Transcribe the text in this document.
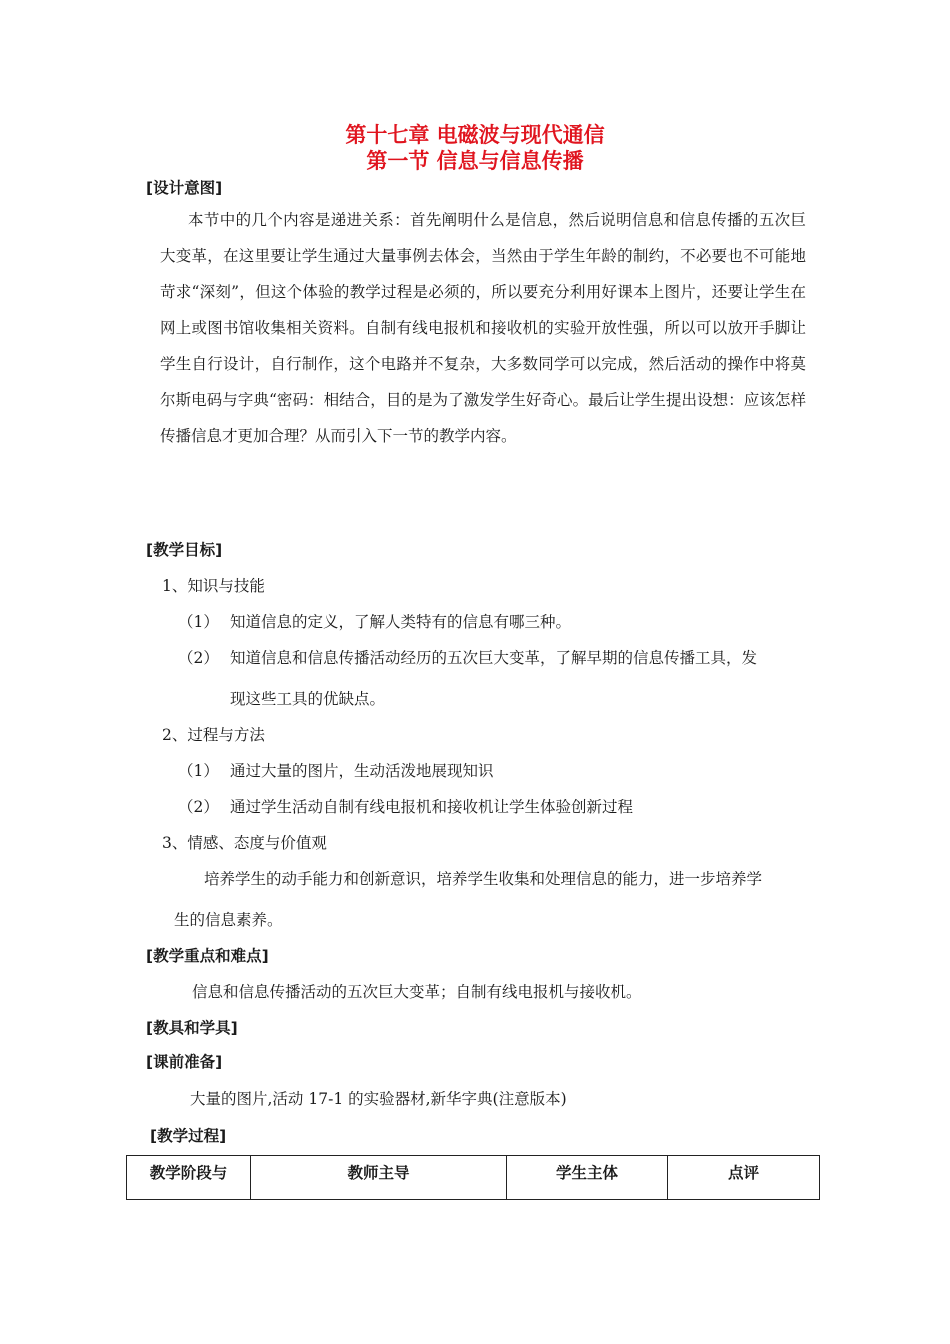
第十七章 电磁波与现代通信
第一节 信息与信息传播
[设计意图]
本节中的几个内容是递进关系：首先阐明什么是信息，然后说明信息和信息传播的五次巨大变革，在这里要让学生通过大量事例去体会，当然由于学生年龄的制约，不必要也不可能地苛求“深刻”，但这个体验的教学过程是必须的，所以要充分利用好课本上图片，还要让学生在网上或图书馆收集相关资料。自制有线电报机和接收机的实验开放性强，所以可以放开手脚让学生自行设计，自行制作，这个电路并不复杂，大多数同学可以完成，然后活动的操作中将莫尔斯电码与字典“密码：相结合，目的是为了激发学生好奇心。最后让学生提出设想：应该怎样传播信息才更加合理？从而引入下一节的教学内容。
[教学目标]
1、知识与技能
（1） 知道信息的定义，了解人类特有的信息有哪三种。
（2） 知道信息和信息传播活动经历的五次巨大变革，了解早期的信息传播工具，发
现这些工具的优缺点。
2、过程与方法
（1） 通过大量的图片，生动活泼地展现知识
（2） 通过学生活动自制有线电报机和接收机让学生体验创新过程
3、情感、态度与价值观
培养学生的动手能力和创新意识，培养学生收集和处理信息的能力，进一步培养学
生的信息素养。
[教学重点和难点]
信息和信息传播活动的五次巨大变革；自制有线电报机与接收机。
[教具和学具]
[课前准备]
大量的图片,活动 17-1 的实验器材,新华字典(注意版本)
[教学过程]
教学阶段与	教师主导	学生主体	点评
